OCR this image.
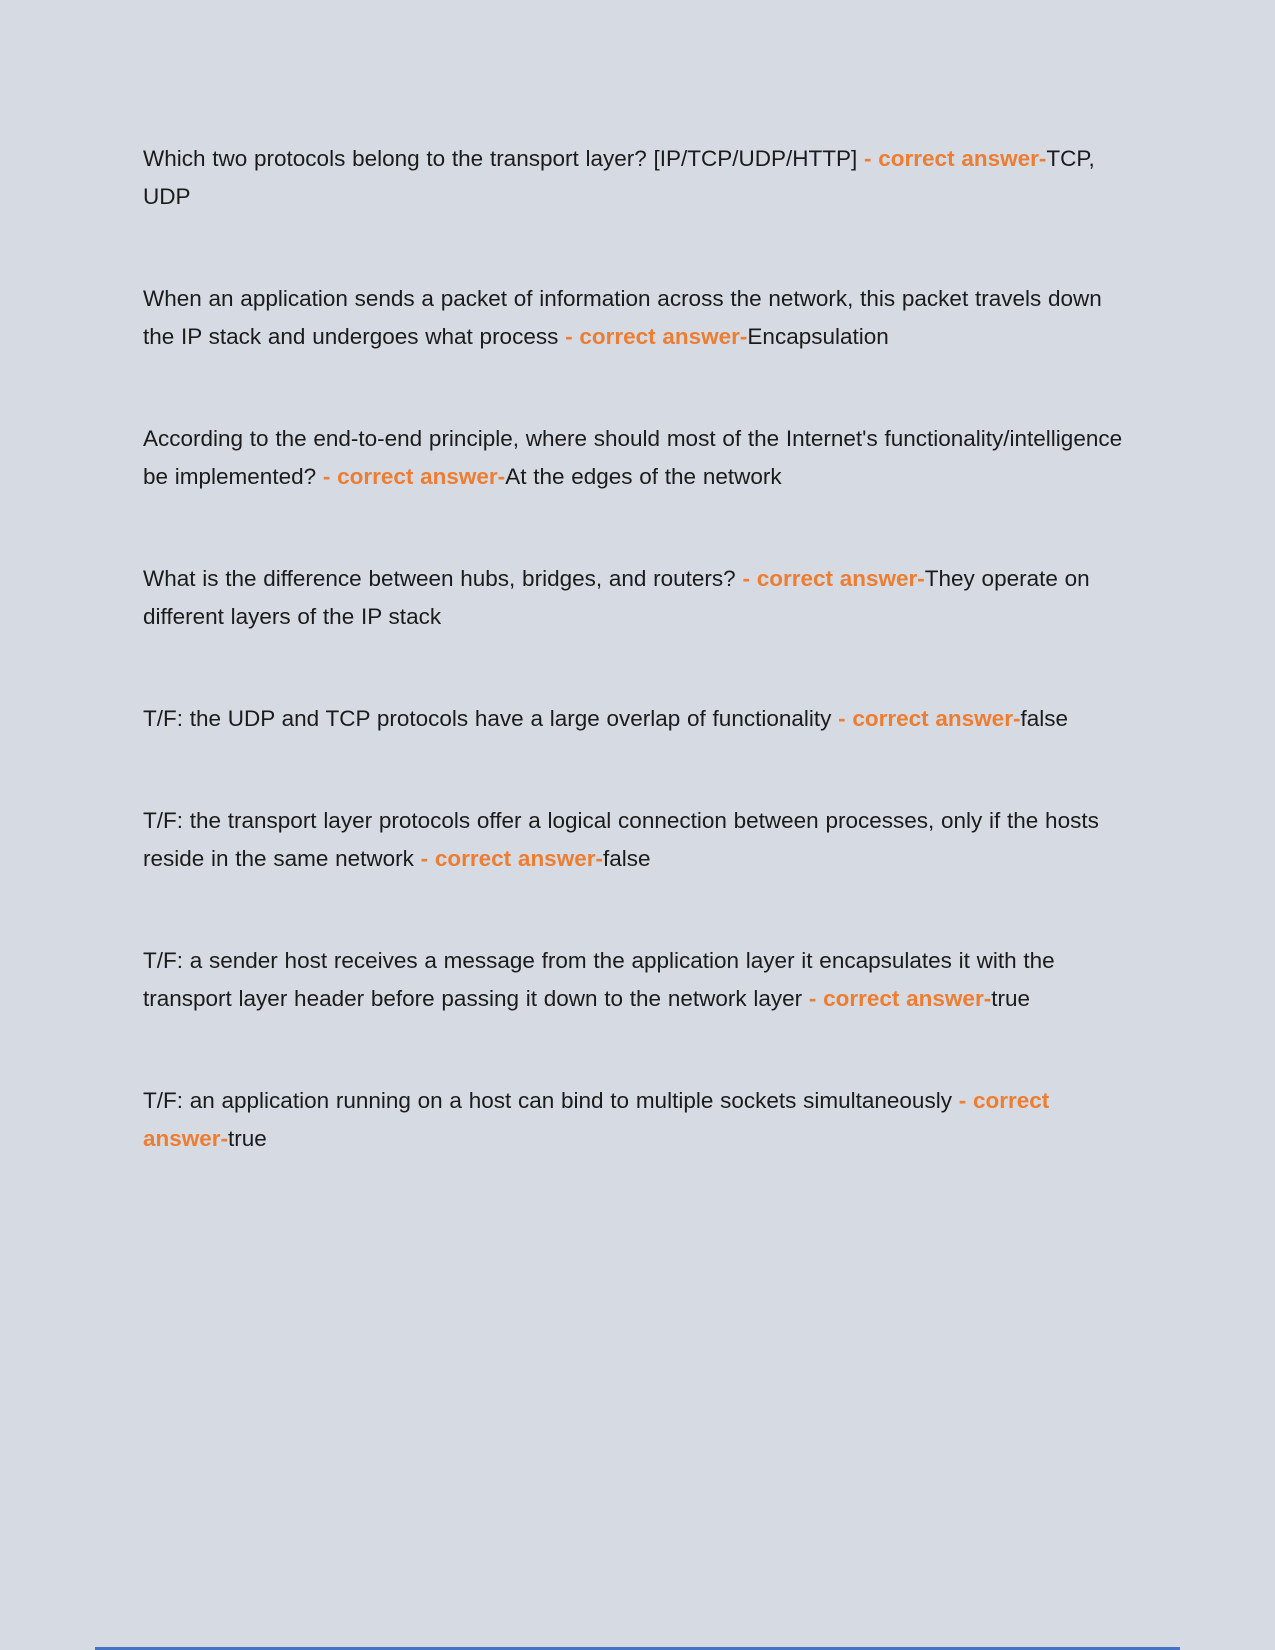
Which two protocols belong to the transport layer? [IP/TCP/UDP/HTTP] - correct answer-TCP, UDP

When an application sends a packet of information across the network, this packet travels down the IP stack and undergoes what process - correct answer-Encapsulation

According to the end-to-end principle, where should most of the Internet's functionality/intelligence be implemented? - correct answer-At the edges of the network

What is the difference between hubs, bridges, and routers? - correct answer-They operate on different layers of the IP stack

T/F: the UDP and TCP protocols have a large overlap of functionality - correct answer-false

T/F: the transport layer protocols offer a logical connection between processes, only if the hosts reside in the same network - correct answer-false

T/F: a sender host receives a message from the application layer it encapsulates it with the transport layer header before passing it down to the network layer - correct answer-true

T/F: an application running on a host can bind to multiple sockets simultaneously - correct answer-true
